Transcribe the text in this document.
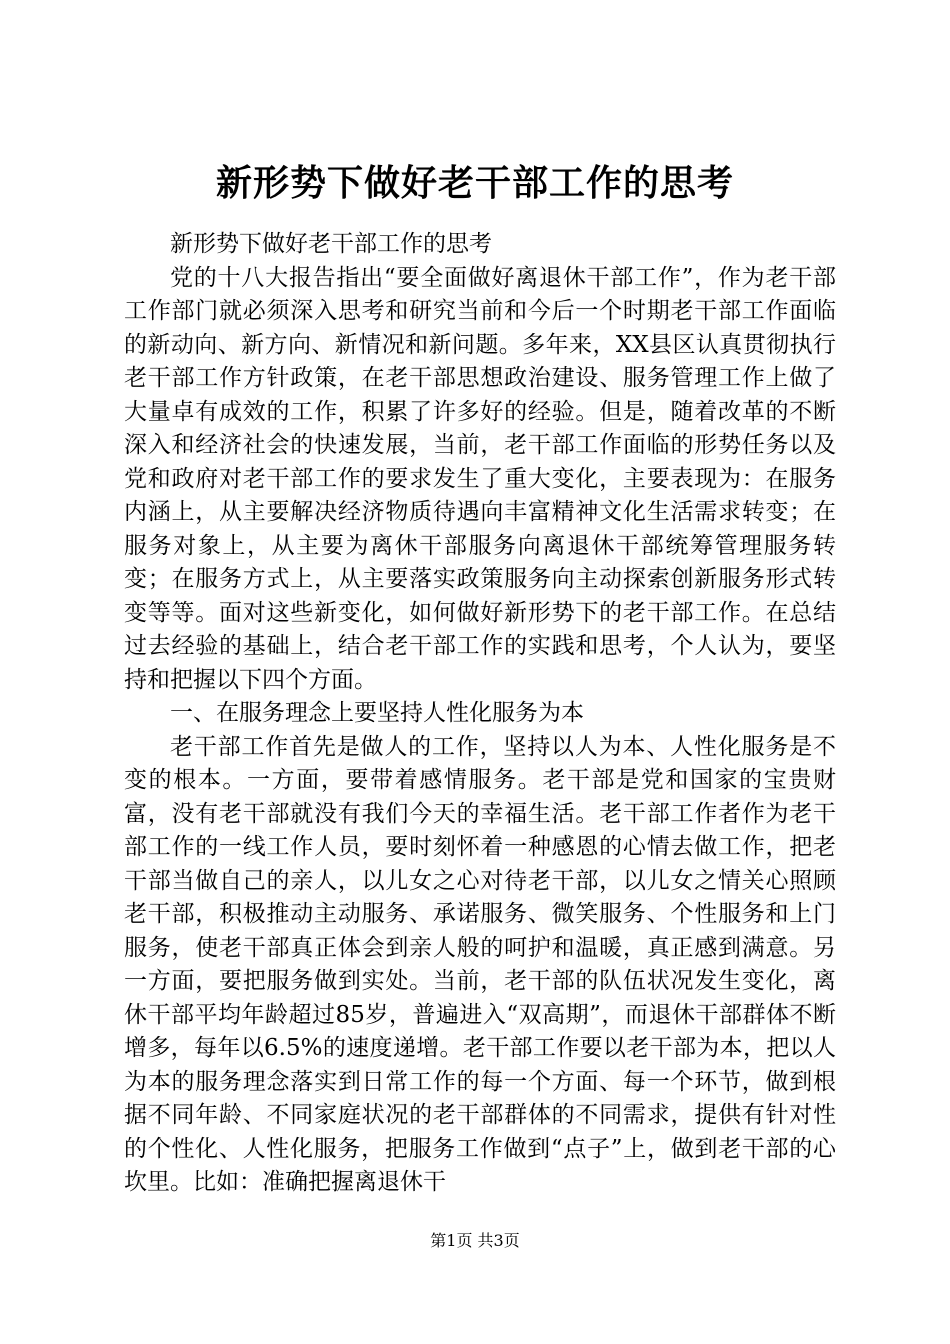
新形势下做好老干部工作的思考

新形势下做好老干部工作的思考

党的十八大报告指出“要全面做好离退休干部工作”，作为老干部工作部门就必须深入思考和研究当前和今后一个时期老干部工作面临的新动向、新方向、新情况和新问题。多年来，XX县区认真贯彻执行老干部工作方针政策，在老干部思想政治建设、服务管理工作上做了大量卓有成效的工作，积累了许多好的经验。但是，随着改革的不断深入和经济社会的快速发展，当前，老干部工作面临的形势任务以及党和政府对老干部工作的要求发生了重大变化，主要表现为：在服务内涵上，从主要解决经济物质待遇向丰富精神文化生活需求转变；在服务对象上，从主要为离休干部服务向离退休干部统筹管理服务转变；在服务方式上，从主要落实政策服务向主动探索创新服务形式转变等等。面对这些新变化，如何做好新形势下的老干部工作。在总结过去经验的基础上，结合老干部工作的实践和思考，个人认为，要坚持和把握以下四个方面。

一、在服务理念上要坚持人性化服务为本

老干部工作首先是做人的工作，坚持以人为本、人性化服务是不变的根本。一方面，要带着感情服务。老干部是党和国家的宝贵财富，没有老干部就没有我们今天的幸福生活。老干部工作者作为老干部工作的一线工作人员，要时刻怀着一种感恩的心情去做工作，把老干部当做自己的亲人，以儿女之心对待老干部，以儿女之情关心照顾老干部，积极推动主动服务、承诺服务、微笑服务、个性服务和上门服务，使老干部真正体会到亲人般的呵护和温暖，真正感到满意。另一方面，要把服务做到实处。当前，老干部的队伍状况发生变化，离休干部平均年龄超过85岁，普遍进入“双高期”，而退休干部群体不断增多，每年以6.5%的速度递增。老干部工作要以老干部为本，把以人为本的服务理念落实到日常工作的每一个方面、每一个环节，做到根据不同年龄、不同家庭状况的老干部群体的不同需求，提供有针对性的个性化、人性化服务，把服务工作做到“点子”上，做到老干部的心坎里。比如：准确把握离退休干

第1页 共3页
